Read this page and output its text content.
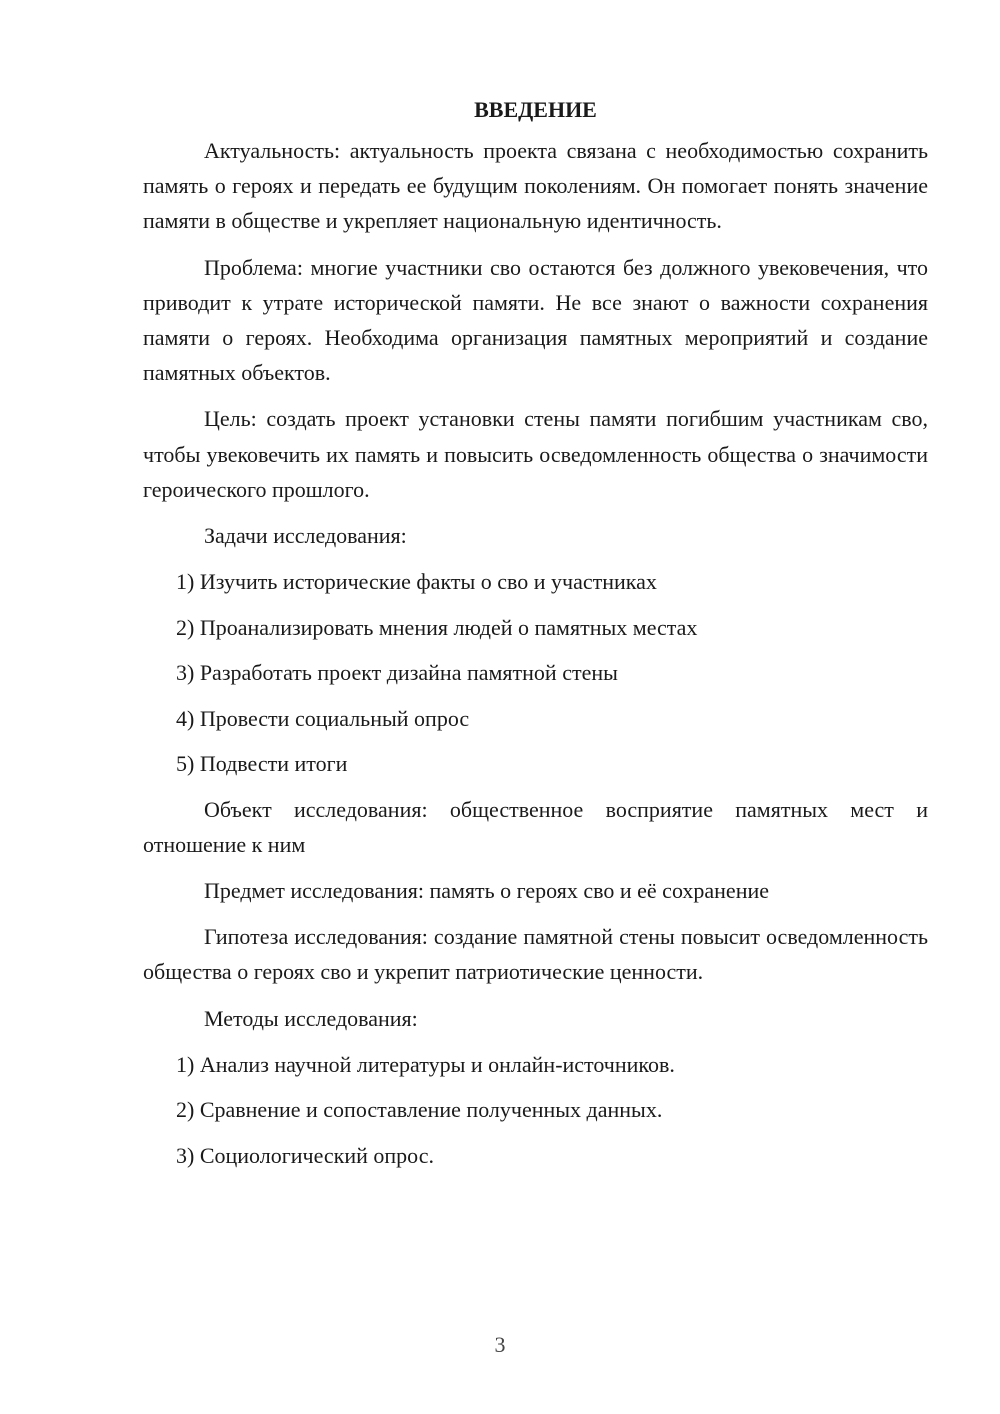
ВВЕДЕНИЕ

Актуальность: актуальность проекта связана с необходимостью сохранить память о героях и передать ее будущим поколениям. Он помогает понять значение памяти в обществе и укрепляет национальную идентичность.

Проблема: многие участники сво остаются без должного увековечения, что приводит к утрате исторической памяти. Не все знают о важности сохранения памяти о героях. Необходима организация памятных мероприятий и создание памятных объектов.

Цель: создать проект установки стены памяти погибшим участникам сво, чтобы увековечить их память и повысить осведомленность общества о значимости героического прошлого.

Задачи исследования:
1) Изучить исторические факты о сво и участниках
2) Проанализировать мнения людей о памятных местах
3) Разработать проект дизайна памятной стены
4) Провести социальный опрос
5) Подвести итоги

Объект исследования: общественное восприятие памятных мест и отношение к ним

Предмет исследования: память о героях сво и её сохранение

Гипотеза исследования: создание памятной стены повысит осведомленность общества о героях сво и укрепит патриотические ценности.

Методы исследования:
1) Анализ научной литературы и онлайн-источников.
2) Сравнение и сопоставление полученных данных.
3) Социологический опрос.
3
